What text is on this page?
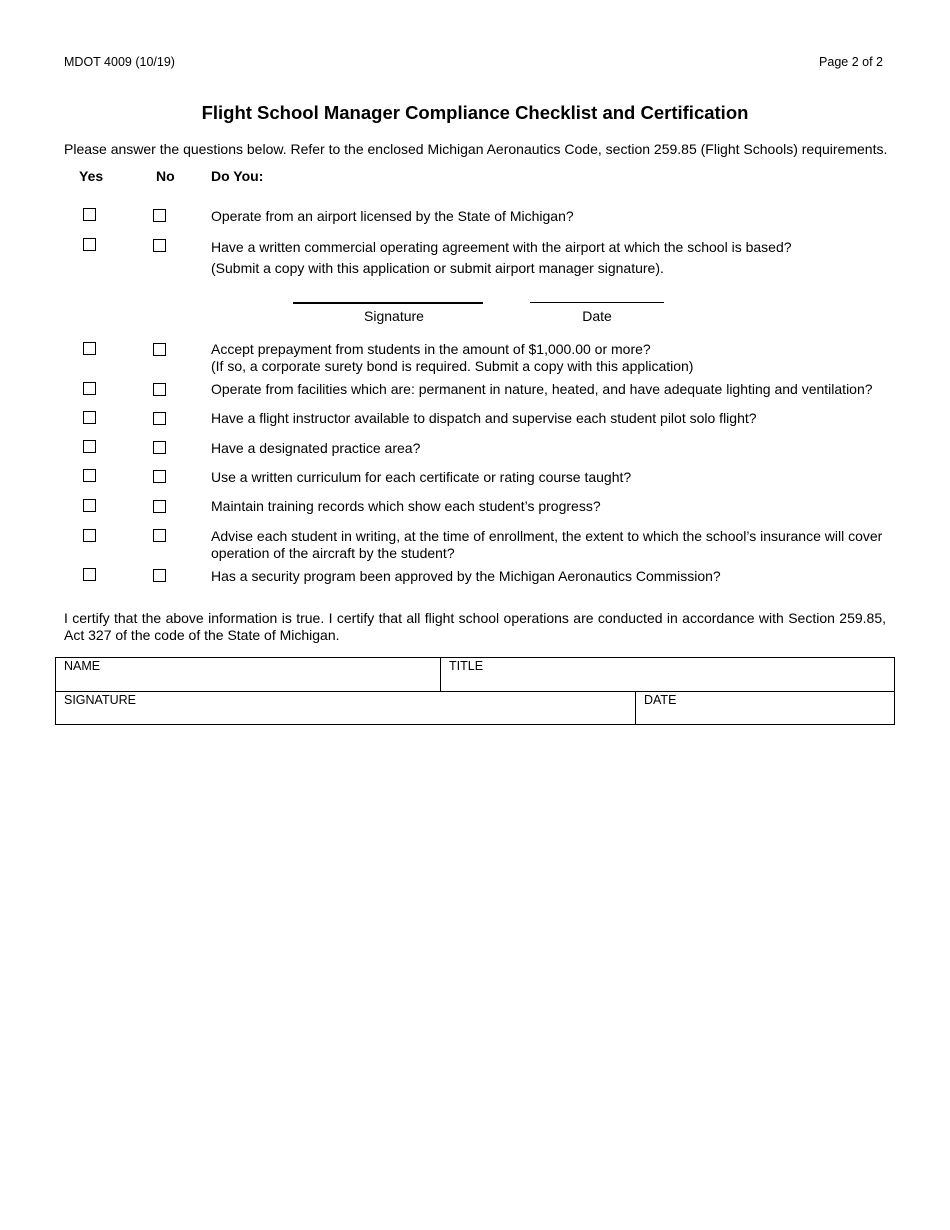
MDOT 4009 (10/19)	Page 2 of 2
Flight School Manager Compliance Checklist and Certification
Please answer the questions below. Refer to the enclosed Michigan Aeronautics Code, section 259.85 (Flight Schools) requirements.
Yes	No	Do You:
Operate from an airport licensed by the State of Michigan?
Have a written commercial operating agreement with the airport at which the school is based?
(Submit a copy with this application or submit airport manager signature).
Signature	Date
Accept prepayment from students in the amount of $1,000.00 or more?
(If so, a corporate surety bond is required. Submit a copy with this application)
Operate from facilities which are: permanent in nature, heated, and have adequate lighting and ventilation?
Have a flight instructor available to dispatch and supervise each student pilot solo flight?
Have a designated practice area?
Use a written curriculum for each certificate or rating course taught?
Maintain training records which show each student’s progress?
Advise each student in writing, at the time of enrollment, the extent to which the school’s insurance will cover
operation of the aircraft by the student?
Has a security program been approved by the Michigan Aeronautics Commission?
I certify that the above information is true. I certify that all flight school operations are conducted in accordance with Section 259.85, Act 327 of the code of the State of Michigan.
NAME	TITLE
SIGNATURE	DATE
